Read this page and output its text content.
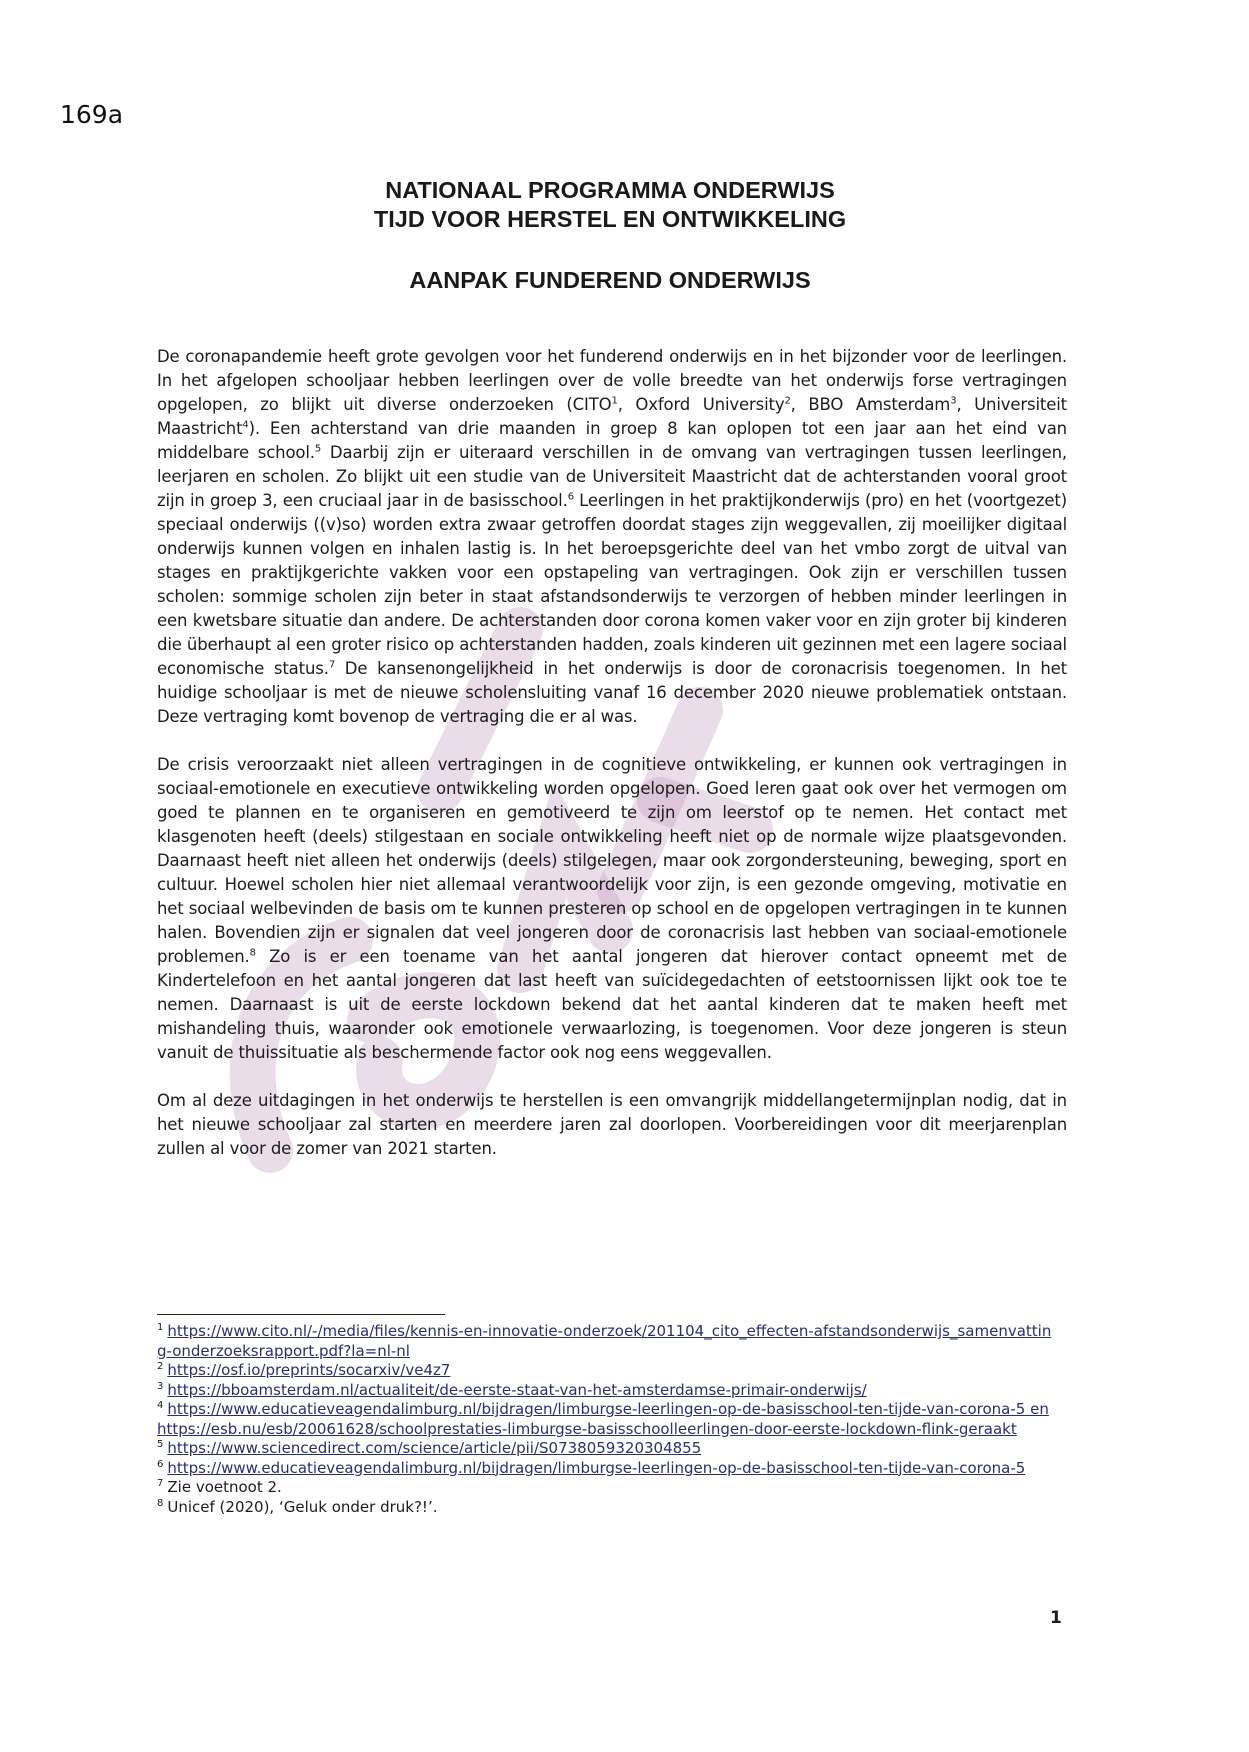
169a
NATIONAAL PROGRAMMA ONDERWIJS
TIJD VOOR HERSTEL EN ONTWIKKELING
AANPAK FUNDEREND ONDERWIJS

De coronapandemie heeft grote gevolgen voor het funderend onderwijs en in het bijzonder voor de leerlingen. In het afgelopen schooljaar hebben leerlingen over de volle breedte van het onderwijs forse vertragingen opgelopen, zo blijkt uit diverse onderzoeken (CITO$^1$, Oxford University$^2$, BBO Amsterdam$^3$, Universiteit Maastricht$^4$). Een achterstand van drie maanden in groep 8 kan oplopen tot een jaar aan het eind van middelbare school.$^5$ Daarbij zijn er uiteraard verschillen in de omvang van vertragingen tussen leerlingen, leerjaren en scholen. Zo blijkt uit een studie van de Universiteit Maastricht dat de achterstanden vooral groot zijn in groep 3, een cruciaal jaar in de basisschool.$^6$ Leerlingen in het praktijkonderwijs (pro) en het (voortgezet) speciaal onderwijs ((v)so) worden extra zwaar getroffen doordat stages zijn weggevallen, zij moeilijker digitaal onderwijs kunnen volgen en inhalen lastig is. In het beroepsgerichte deel van het vmbo zorgt de uitval van stages en praktijkgerichte vakken voor een opstapeling van vertragingen. Ook zijn er verschillen tussen scholen: sommige scholen zijn beter in staat afstandsonderwijs te verzorgen of hebben minder leerlingen in een kwetsbare situatie dan andere. De achterstanden door corona komen vaker voor en zijn groter bij kinderen die überhaupt al een groter risico op achterstanden hadden, zoals kinderen uit gezinnen met een lagere sociaal economische status.$^7$ De kansenongelijkheid in het onderwijs is door de coronacrisis toegenomen. In het huidige schooljaar is met de nieuwe scholensluiting vanaf 16 december 2020 nieuwe problematiek ontstaan. Deze vertraging komt bovenop de vertraging die er al was.

De crisis veroorzaakt niet alleen vertragingen in de cognitieve ontwikkeling, er kunnen ook vertragingen in sociaal-emotionele en executieve ontwikkeling worden opgelopen. Goed leren gaat ook over het vermogen om goed te plannen en te organiseren en gemotiveerd te zijn om leerstof op te nemen. Het contact met klasgenoten heeft (deels) stilgestaan en sociale ontwikkeling heeft niet op de normale wijze plaatsgevonden. Daarnaast heeft niet alleen het onderwijs (deels) stilgelegen, maar ook zorgondersteuning, beweging, sport en cultuur. Hoewel scholen hier niet allemaal verantwoordelijk voor zijn, is een gezonde omgeving, motivatie en het sociaal welbevinden de basis om te kunnen presteren op school en de opgelopen vertragingen in te kunnen halen. Bovendien zijn er signalen dat veel jongeren door de coronacrisis last hebben van sociaal-emotionele problemen.$^8$ Zo is er een toename van het aantal jongeren dat hierover contact opneemt met de Kindertelefoon en het aantal jongeren dat last heeft van suïcidegedachten of eetstoornissen lijkt ook toe te nemen. Daarnaast is uit de eerste lockdown bekend dat het aantal kinderen dat te maken heeft met mishandeling thuis, waaronder ook emotionele verwaarlozing, is toegenomen. Voor deze jongeren is steun vanuit de thuissituatie als beschermende factor ook nog eens weggevallen.

Om al deze uitdagingen in het onderwijs te herstellen is een omvangrijk middellangetermijnplan nodig, dat in het nieuwe schooljaar zal starten en meerdere jaren zal doorlopen. Voorbereidingen voor dit meerjarenplan zullen al voor de zomer van 2021 starten.

$^1$ https://www.cito.nl/-/media/files/kennis-en-innovatie-onderzoek/201104_cito_effecten-afstandsonderwijs_samenvatting-onderzoeksrapport.pdf?la=nl-nl

$^2$ https://osf.io/preprints/socarxiv/ve4z7

$^3$ https://bboamsterdam.nl/actualiteit/de-eerste-staat-van-het-amsterdamse-primair-onderwijs/

$^4$ https://www.educatieveagendalimburg.nl/bijdragen/limburgse-leerlingen-op-de-basisschool-ten-tijde-van-corona-5 en https://esb.nu/esb/20061628/schoolprestaties-limburgse-basisschoolleerlingen-door-eerste-lockdown-flink-geraakt

$^5$ https://www.sciencedirect.com/science/article/pii/S0738059320304855

$^6$ https://www.educatieveagendalimburg.nl/bijdragen/limburgse-leerlingen-op-de-basisschool-ten-tijde-van-corona-5

$^7$ Zie voetnoot 2.

$^8$ Unicef (2020), ‘Geluk onder druk?!’.

1
